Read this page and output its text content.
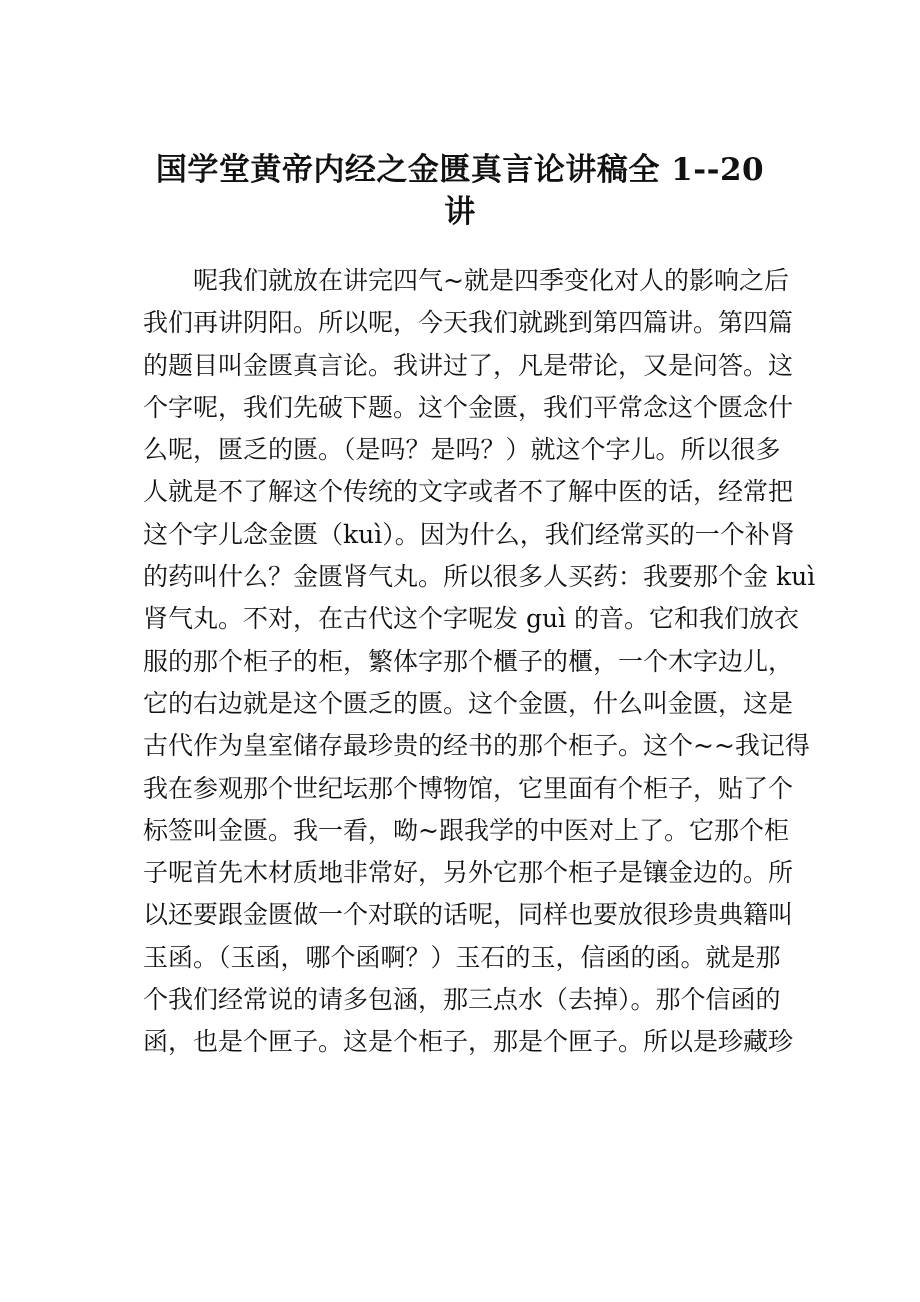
国学堂黄帝内经之金匮真言论讲稿全 1--20
讲
呢我们就放在讲完四气~就是四季变化对人的影响之后
我们再讲阴阳。所以呢，今天我们就跳到第四篇讲。第四篇
的题目叫金匮真言论。我讲过了，凡是带论，又是问答。这
个字呢，我们先破下题。这个金匮，我们平常念这个匮念什
么呢，匮乏的匮。（是吗？是吗？）就这个字儿。所以很多
人就是不了解这个传统的文字或者不了解中医的话，经常把
这个字儿念金匮（kuì）。因为什么，我们经常买的一个补肾
的药叫什么？金匮肾气丸。所以很多人买药：我要那个金 kuì
肾气丸。不对，在古代这个字呢发 guì 的音。它和我们放衣
服的那个柜子的柜，繁体字那个櫃子的櫃，一个木字边儿，
它的右边就是这个匮乏的匮。这个金匮，什么叫金匮，这是
古代作为皇室储存最珍贵的经书的那个柜子。这个~~我记得
我在参观那个世纪坛那个博物馆，它里面有个柜子，贴了个
标签叫金匮。我一看，呦~跟我学的中医对上了。它那个柜
子呢首先木材质地非常好，另外它那个柜子是镶金边的。所
以还要跟金匮做一个对联的话呢，同样也要放很珍贵典籍叫
玉函。（玉函，哪个函啊？）玉石的玉，信函的函。就是那
个我们经常说的请多包涵，那三点水（去掉）。那个信函的
函，也是个匣子。这是个柜子，那是个匣子。所以是珍藏珍
